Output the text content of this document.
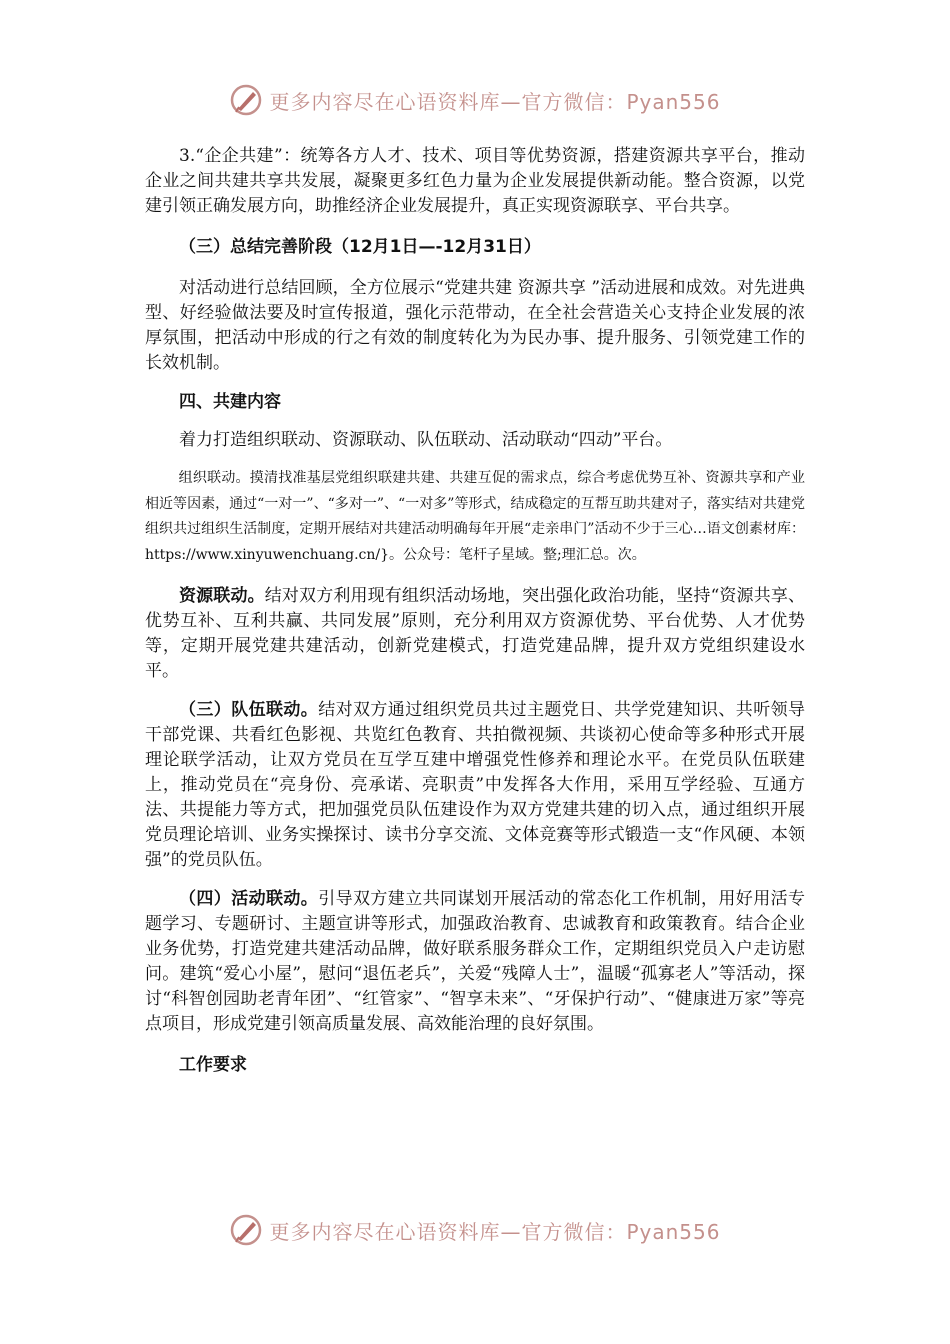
更多内容尽在心语资料库—官方微信：Pyan556

3.“企企共建”：统筹各方人才、技术、项目等优势资源，搭建资源共享平台，推动企业之间共建共享共发展，凝聚更多红色力量为企业发展提供新动能。整合资源，以党建引领正确发展方向，助推经济企业发展提升，真正实现资源联享、平台共享。

（三）总结完善阶段（12月1日—-12月31日）

对活动进行总结回顾，全方位展示“党建共建 资源共享 ”活动进展和成效。对先进典型、好经验做法要及时宣传报道，强化示范带动，在全社会营造关心支持企业发展的浓厚氛围，把活动中形成的行之有效的制度转化为为民办事、提升服务、引领党建工作的长效机制。

四、共建内容

着力打造组织联动、资源联动、队伍联动、活动联动“四动”平台。

组织联动。摸清找准基层党组织联建共建、共建互促的需求点，综合考虑优势互补、资源共享和产业相近等因素，通过“一对一”、“多对一”、“一对多”等形式，结成稳定的互帮互助共建对子，落实结对共建党组织共过组织生活制度，定期开展结对共建活动明确每年开展“走亲串门”活动不少于三心…语文创素材库：https://www.xinyuwenchuang.cn/}。公众号：笔杆子星域。整;理汇总。次。

资源联动。结对双方利用现有组织活动场地，突出强化政治功能，坚持“资源共享、优势互补、互利共赢、共同发展”原则，充分利用双方资源优势、平台优势、人才优势等，定期开展党建共建活动，创新党建模式，打造党建品牌，提升双方党组织建设水平。

（三）队伍联动。结对双方通过组织党员共过主题党日、共学党建知识、共听领导干部党课、共看红色影视、共览红色教育、共拍微视频、共谈初心使命等多种形式开展理论联学活动，让双方党员在互学互建中增强党性修养和理论水平。在党员队伍联建上，推动党员在“亮身份、亮承诺、亮职责”中发挥各大作用，采用互学经验、互通方法、共提能力等方式，把加强党员队伍建设作为双方党建共建的切入点，通过组织开展党员理论培训、业务实操探讨、读书分享交流、文体竞赛等形式锻造一支“作风硬、本领强”的党员队伍。

（四）活动联动。引导双方建立共同谋划开展活动的常态化工作机制，用好用活专题学习、专题研讨、主题宣讲等形式，加强政治教育、忠诚教育和政策教育。结合企业业务优势，打造党建共建活动品牌，做好联系服务群众工作，定期组织党员入户走访慰问。建筑“爱心小屋”，慰问“退伍老兵”，关爱“残障人士”，温暖“孤寡老人”等活动，探讨“科智创园助老青年团”、“红管家”、“智享未来”、“牙保护行动”、“健康进万家”等亮点项目，形成党建引领高质量发展、高效能治理的良好氛围。

工作要求

更多内容尽在心语资料库—官方微信：Pyan556
